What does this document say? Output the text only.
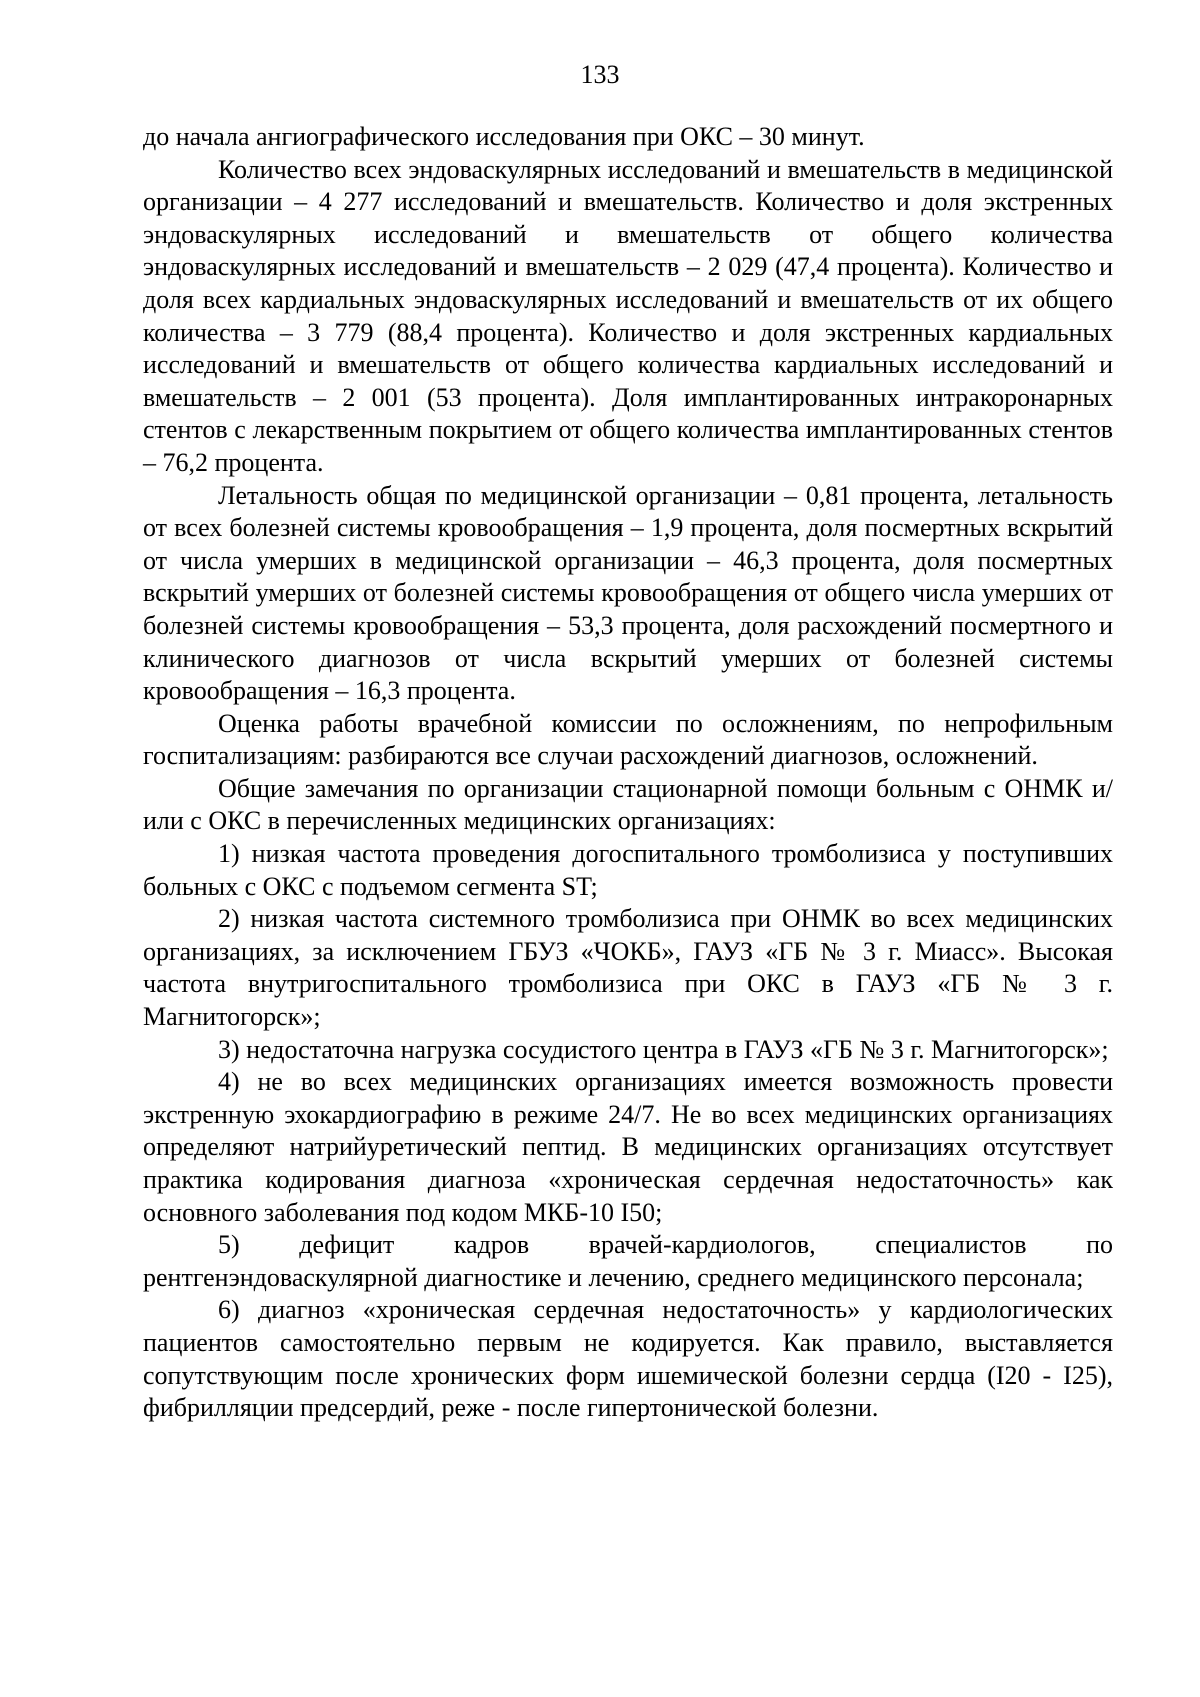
133

до начала ангиографического исследования при ОКС – 30 минут.

Количество всех эндоваскулярных исследований и вмешательств в медицинской организации – 4 277 исследований и вмешательств. Количество и доля экстренных эндоваскулярных исследований и вмешательств от общего количества эндоваскулярных исследований и вмешательств – 2 029 (47,4 процента). Количество и доля всех кардиальных эндоваскулярных исследований и вмешательств от их общего количества – 3 779 (88,4 процента). Количество и доля экстренных кардиальных исследований и вмешательств от общего количества кардиальных исследований и вмешательств – 2 001 (53 процента). Доля имплантированных интракоронарных стентов с лекарственным покрытием от общего количества имплантированных стентов – 76,2 процента.

Летальность общая по медицинской организации – 0,81 процента, летальность от всех болезней системы кровообращения – 1,9 процента, доля посмертных вскрытий от числа умерших в медицинской организации – 46,3 процента, доля посмертных вскрытий умерших от болезней системы кровообращения от общего числа умерших от болезней системы кровообращения – 53,3 процента, доля расхождений посмертного и клинического диагнозов от числа вскрытий умерших от болезней системы кровообращения – 16,3 процента.

Оценка работы врачебной комиссии по осложнениям, по непрофильным госпитализациям: разбираются все случаи расхождений диагнозов, осложнений.

Общие замечания по организации стационарной помощи больным с ОНМК и/или с ОКС в перечисленных медицинских организациях:

1) низкая частота проведения догоспитального тромболизиса у поступивших больных с ОКС с подъемом сегмента ST;

2) низкая частота системного тромболизиса при ОНМК во всех медицинских организациях, за исключением ГБУЗ «ЧОКБ», ГАУЗ «ГБ № 3 г. Миасс». Высокая частота внутригоспитального тромболизиса при ОКС в ГАУЗ «ГБ № 3 г. Магнитогорск»;

3) недостаточна нагрузка сосудистого центра в ГАУЗ «ГБ № 3 г. Магнитогорск»;

4) не во всех медицинских организациях имеется возможность провести экстренную эхокардиографию в режиме 24/7. Не во всех медицинских организациях определяют натрийуретический пептид. В медицинских организациях отсутствует практика кодирования диагноза «хроническая сердечная недостаточность» как основного заболевания под кодом МКБ-10 I50;

5) дефицит кадров врачей-кардиологов, специалистов по рентгенэндоваскулярной диагностике и лечению, среднего медицинского персонала;

6) диагноз «хроническая сердечная недостаточность» у кардиологических пациентов самостоятельно первым не кодируется. Как правило, выставляется сопутствующим после хронических форм ишемической болезни сердца (I20 - I25), фибрилляции предсердий, реже - после гипертонической болезни.
